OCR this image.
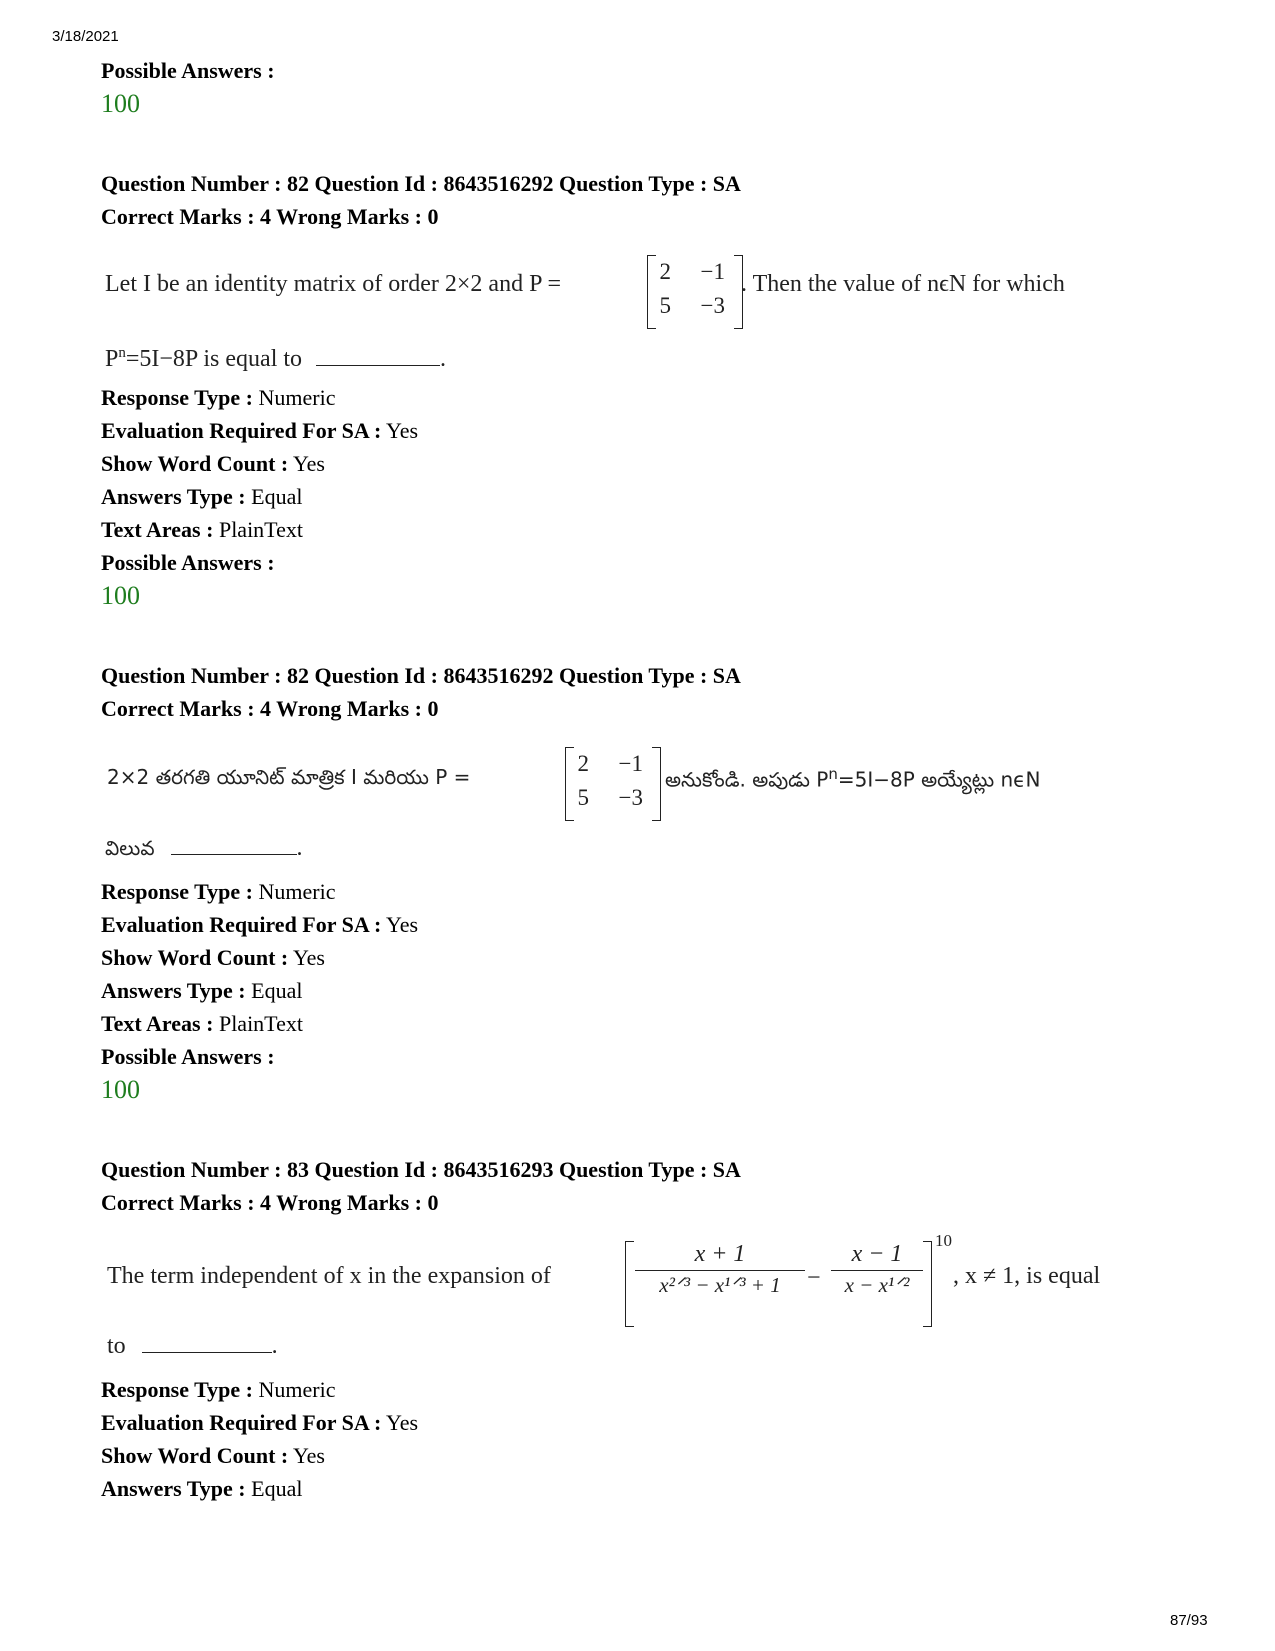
3/18/2021
Possible Answers :
100
Question Number : 82 Question Id : 8643516292 Question Type : SA
Correct Marks : 4 Wrong Marks : 0
Let I be an identity matrix of order 2×2 and P =	2 −1
5 −3
. Then the value of nϵN for which
$P^n=5I-8P$ is equal to	.
Response Type : Numeric
Evaluation Required For SA : Yes
Show Word Count : Yes
Answers Type : Equal
Text Areas : PlainText
Possible Answers :
100
Question Number : 82 Question Id : 8643516292 Question Type : SA
Correct Marks : 4 Wrong Marks : 0
2×2 తరగతి యూనిట్ మాత్రిక I మరియు P =
2 −1
5 −3
అనుకోండి. అపుడు $P^n=5I-8P$ అయ్యేట్లు nϵN
విలువ	.
Response Type : Numeric
Evaluation Required For SA : Yes
Show Word Count : Yes
Answers Type : Equal
Text Areas : PlainText
Possible Answers :
100
Question Number : 83 Question Id : 8643516293 Question Type : SA
Correct Marks : 4 Wrong Marks : 0
The term independent of x in the expansion of
x + 1
x²ᐟ³ − x¹ᐟ³ + 1	−
x − 1
x − x¹ᐟ²
10
, x ≠ 1, is equal
to	.
Response Type : Numeric
Evaluation Required For SA : Yes
Show Word Count : Yes
Answers Type : Equal
87/93
